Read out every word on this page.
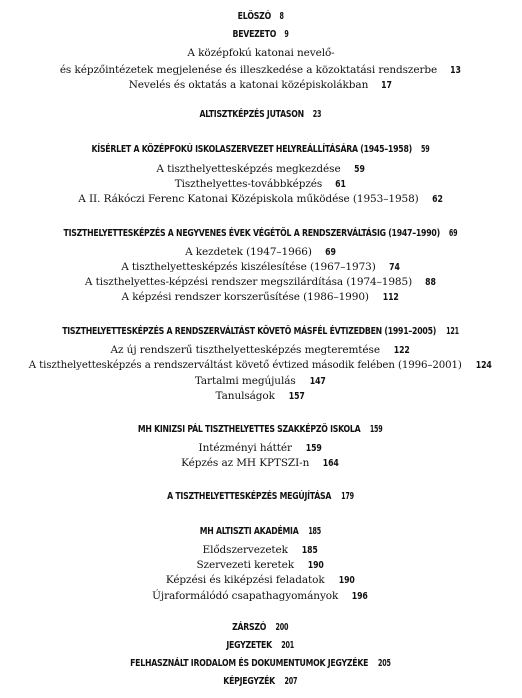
ELŐSZÓ 8
BEVEZETŐ 9
A középfokú katonai nevelő-
és képzőintézetek megjelenése és illeszkedése a közoktatási rendszerbe 13
Nevelés és oktatás a katonai középiskolákban 17
ALTISZTKÉPZÉS JUTASON 23
KÍSÉRLET A KÖZÉPFOKÚ ISKOLASZERVEZET HELYREÁLLÍTÁSÁRA (1945–1958) 59
A tiszthelyettesképzés megkezdése 59
Tiszthelyettes-továbbképzés 61
A II. Rákóczi Ferenc Katonai Középiskola működése (1953–1958) 62
TISZTHELYETTESKÉPZÉS A NEGYVENES ÉVEK VÉGÉTŐL A RENDSZERVÁLTÁSIG (1947–1990) 69
A kezdetek (1947–1966) 69
A tiszthelyettesképzés kiszélesítése (1967–1973) 74
A tiszthelyettes-képzési rendszer megszilárdítása (1974–1985) 88
A képzési rendszer korszerűsítése (1986–1990) 112
TISZTHELYETTESKÉPZÉS A RENDSZERVÁLTÁST KÖVETŐ MÁSFÉL ÉVTIZEDBEN (1991–2005) 121
Az új rendszerű tiszthelyettesképzés megteremtése 122
A tiszthelyettesképzés a rendszerváltást követő évtized második felében (1996–2001) 124
Tartalmi megújulás 147
Tanulságok 157
MH KINIZSI PÁL TISZTHELYETTES SZAKKÉPZŐ ISKOLA 159
Intézményi háttér 159
Képzés az MH KPTSZI-n 164
A TISZTHELYETTESKÉPZÉS MEGÚJÍTÁSA 179
MH ALTISZTI AKADÉMIA 185
Elődszervezetek 185
Szervezeti keretek 190
Képzési és kiképzési feladatok 190
Újraformálódó csapathagyományok 196
ZÁRSZÓ 200
JEGYZETEK 201
FELHASZNÁLT IRODALOM ÉS DOKUMENTUMOK JEGYZÉKE 205
KÉPJEGYZÉK 207
